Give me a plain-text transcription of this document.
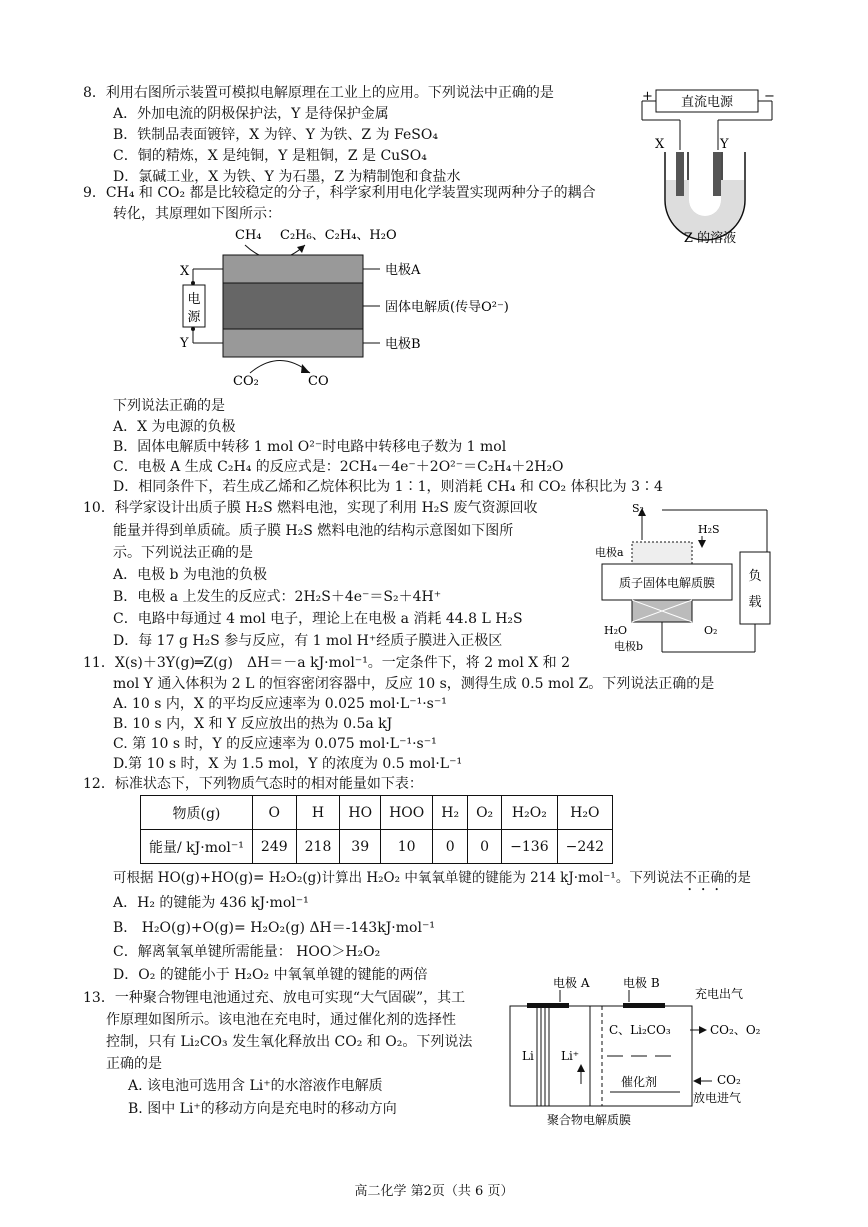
8．利用右图所示装置可模拟电解原理在工业上的应用。下列说法中正确的是
A．外加电流的阴极保护法，Y 是待保护金属
B．铁制品表面镀锌，X 为锌、Y 为铁、Z 为 FeSO₄
C．铜的精炼，X 是纯铜，Y 是粗铜，Z 是 CuSO₄
D．氯碱工业，X 为铁、Y 为石墨，Z 为精制饱和食盐水
+	−
直流电源
X	Y
Z 的溶液
9．CH₄ 和 CO₂ 都是比较稳定的分子，科学家利用电化学装置实现两种分子的耦合
转化，其原理如下图所示：
CH₄ C₂H₆、C₂H₄、H₂O
电极A
固体电解质(传导O²⁻)
电极B
X
Y
电
源
CO₂	CO
下列说法正确的是
A．X 为电源的负极
B．固体电解质中转移 1 mol O²⁻时电路中转移电子数为 1 mol
C．电极 A 生成 C₂H₄ 的反应式是：2CH₄－4e⁻＋2O²⁻＝C₂H₄＋2H₂O
D．相同条件下，若生成乙烯和乙烷体积比为 1∶1，则消耗 CH₄ 和 CO₂ 体积比为 3∶4
10．科学家设计出质子膜 H₂S 燃料电池，实现了利用 H₂S 废气资源回收
能量并得到单质硫。质子膜 H₂S 燃料电池的结构示意图如下图所
示。下列说法正确的是
A．电极 b 为电池的负极
B．电极 a 上发生的反应式：2H₂S＋4e⁻＝S₂＋4H⁺
C．电路中每通过 4 mol 电子，理论上在电极 a 消耗 44.8 L H₂S
D．每 17 g H₂S 参与反应，有 1 mol H⁺经质子膜进入正极区
S₂
H₂S
电极a
质子固体电解质膜
H₂O	O₂
电极b
负
载
11．X(s)＋3Y(g)═Z(g)　ΔH＝－a kJ·mol⁻¹。一定条件下，将 2 mol X 和 2
mol Y 通入体积为 2 L 的恒容密闭容器中，反应 10 s，测得生成 0.5 mol Z。下列说法正确的是
A. 10 s 内，X 的平均反应速率为 0.025 mol·L⁻¹·s⁻¹
B. 10 s 内，X 和 Y 反应放出的热为 0.5a kJ
C. 第 10 s 时，Y 的反应速率为 0.075 mol·L⁻¹·s⁻¹
D.第 10 s 时，X 为 1.5 mol，Y 的浓度为 0.5 mol·L⁻¹
12．标准状态下，下列物质气态时的相对能量如下表：
物质(g)	O	H	HO	HOO	H₂	O₂	H₂O₂	H₂O
能量/ kJ·mol⁻¹	249	218	39	10	0	0	−136	−242
可根据 HO(g)+HO(g)= H₂O₂(g)计算出 H₂O₂ 中氧氧单键的键能为 214 kJ·mol⁻¹。下列说法不正确的是
A．H₂ 的键能为 436 kJ·mol⁻¹
B． H₂O(g)+O(g)= H₂O₂(g) ΔH＝-143kJ·mol⁻¹
C．解离氧氧单键所需能量： HOO＞H₂O₂
D．O₂ 的键能小于 H₂O₂ 中氧氧单键的键能的两倍
13．一种聚合物锂电池通过充、放电可实现“大气固碳”，其工
作原理如图所示。该电池在充电时，通过催化剂的选择性
控制，只有 Li₂CO₃ 发生氧化释放出 CO₂ 和 O₂。下列说法
正确的是
A. 该电池可选用含 Li⁺的水溶液作电解质
B. 图中 Li⁺的移动方向是充电时的移动方向
电极 A	电极 B
Li Li⁺
C、Li₂CO₃
催化剂
充电出气
CO₂、O₂
CO₂
放电进气
聚合物电解质膜
高二化学 第2页（共 6 页）
